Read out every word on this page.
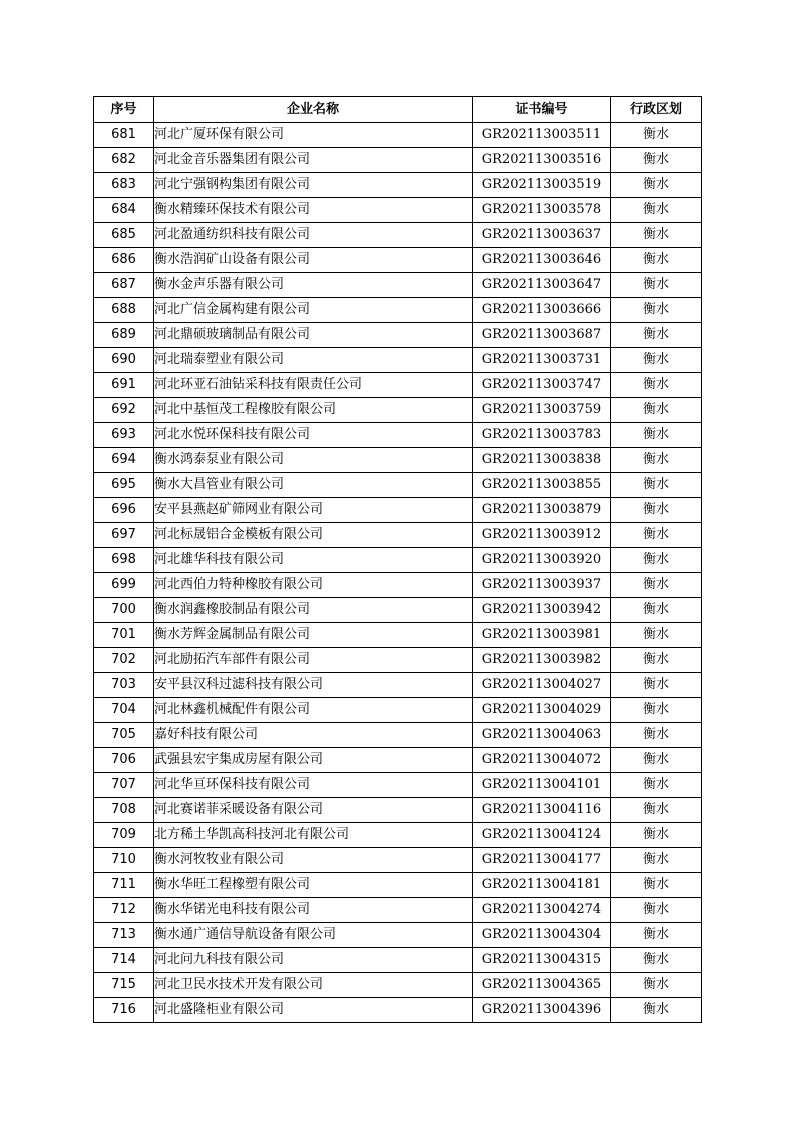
序号	企业名称	证书编号	行政区划
681	河北广厦环保有限公司	GR202113003511	衡水
682	河北金音乐器集团有限公司	GR202113003516	衡水
683	河北宁强钢构集团有限公司	GR202113003519	衡水
684	衡水精臻环保技术有限公司	GR202113003578	衡水
685	河北盈通纺织科技有限公司	GR202113003637	衡水
686	衡水浩润矿山设备有限公司	GR202113003646	衡水
687	衡水金声乐器有限公司	GR202113003647	衡水
688	河北广信金属构建有限公司	GR202113003666	衡水
689	河北鼎硕玻璃制品有限公司	GR202113003687	衡水
690	河北瑞泰塑业有限公司	GR202113003731	衡水
691	河北环亚石油钻采科技有限责任公司	GR202113003747	衡水
692	河北中基恒茂工程橡胶有限公司	GR202113003759	衡水
693	河北水悦环保科技有限公司	GR202113003783	衡水
694	衡水鸿泰泵业有限公司	GR202113003838	衡水
695	衡水大昌管业有限公司	GR202113003855	衡水
696	安平县燕赵矿筛网业有限公司	GR202113003879	衡水
697	河北标晟铝合金模板有限公司	GR202113003912	衡水
698	河北雄华科技有限公司	GR202113003920	衡水
699	河北西伯力特种橡胶有限公司	GR202113003937	衡水
700	衡水润鑫橡胶制品有限公司	GR202113003942	衡水
701	衡水芳辉金属制品有限公司	GR202113003981	衡水
702	河北励拓汽车部件有限公司	GR202113003982	衡水
703	安平县汉科过滤科技有限公司	GR202113004027	衡水
704	河北林鑫机械配件有限公司	GR202113004029	衡水
705	嘉好科技有限公司	GR202113004063	衡水
706	武强县宏宇集成房屋有限公司	GR202113004072	衡水
707	河北华亘环保科技有限公司	GR202113004101	衡水
708	河北赛诺菲采暖设备有限公司	GR202113004116	衡水
709	北方稀土华凯高科技河北有限公司	GR202113004124	衡水
710	衡水河牧牧业有限公司	GR202113004177	衡水
711	衡水华旺工程橡塑有限公司	GR202113004181	衡水
712	衡水华锘光电科技有限公司	GR202113004274	衡水
713	衡水通广通信导航设备有限公司	GR202113004304	衡水
714	河北问九科技有限公司	GR202113004315	衡水
715	河北卫民水技术开发有限公司	GR202113004365	衡水
716	河北盛隆柜业有限公司	GR202113004396	衡水
